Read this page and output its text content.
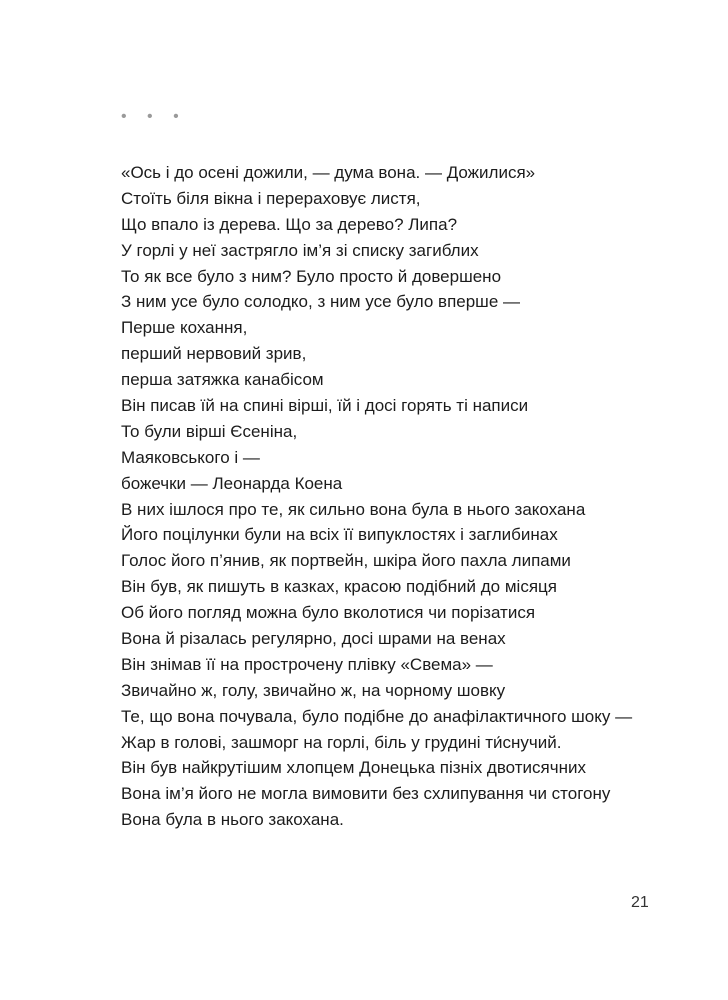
• • •
«Ось і до осені дожили, — дума вона. — Дожилися»
Стоїть біля вікна і перераховує листя,
Що впало із дерева. Що за дерево? Липа?
У горлі у неї застрягло ім’я зі списку загиблих
То як все було з ним? Було просто й довершено
З ним усе було солодко, з ним усе було вперше —
Перше кохання,
перший нервовий зрив,
перша затяжка канабісом
Він писав їй на спині вірші, їй і досі горять ті написи
То були вірші Єсеніна,
Маяковського і —
божечки — Леонарда Коена
В них ішлося про те, як сильно вона була в нього закохана
Його поцілунки були на всіх її випуклостях і заглибинах
Голос його п’янив, як портвейн, шкіра його пахла липами
Він був, як пишуть в казках, красою подібний до місяця
Об його погляд можна було вколотися чи порізатися
Вона й різалась регулярно, досі шрами на венах
Він знімав її на прострочену плівку «Свема» —
Звичайно ж, голу, звичайно ж, на чорному шовку
Те, що вона почувала, було подібне до анафілактичного шоку —
Жар в голові, зашморг на горлі, біль у грудині ти́снучий.
Він був найкрутішим хлопцем Донецька пізніх двотисячних
Вона ім’я його не могла вимовити без схлипування чи стогону
Вона була в нього закохана.
21
